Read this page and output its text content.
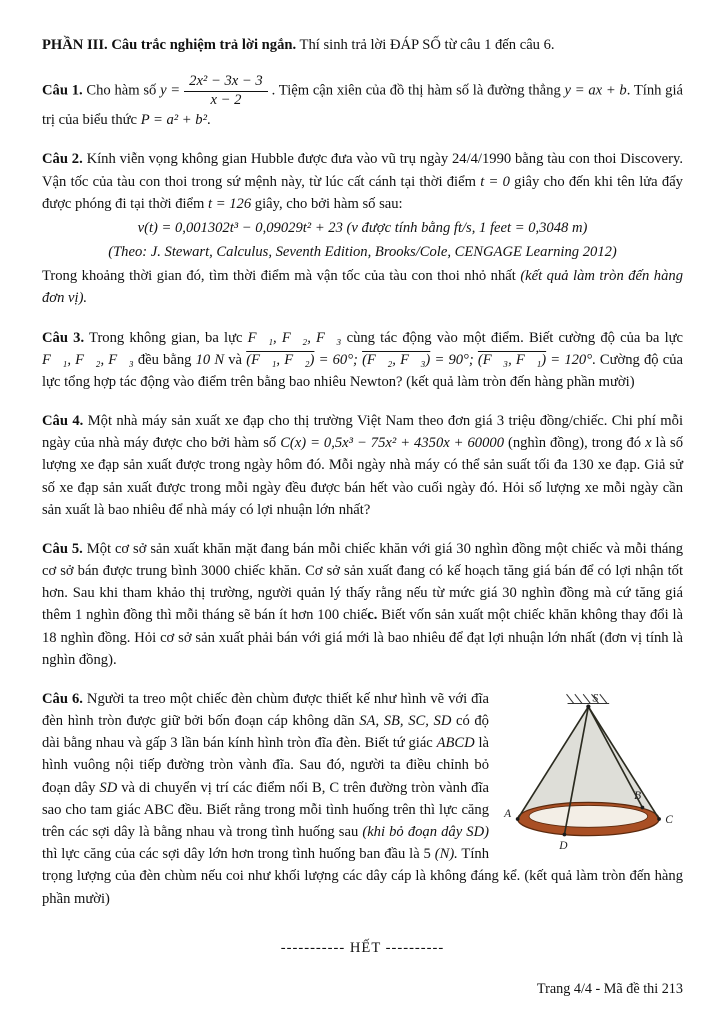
PHẦN III. Câu trắc nghiệm trả lời ngắn. Thí sinh trả lời ĐÁP SỐ từ câu 1 đến câu 6.
Câu 1. Cho hàm số $y = \frac{\text{2x² − 3x − 3}}{x - 2}$ . Tiệm cận xiên của đồ thị hàm số là đường thẳng y = ax + b. Tính giá trị của biểu thức P = a² + b².
Câu 2. Kính viễn vọng không gian Hubble được đưa vào vũ trụ ngày 24/4/1990 bằng tàu con thoi Discovery. Vận tốc của tàu con thoi trong sứ mệnh này, từ lúc cất cánh tại thời điểm t = 0 giây cho đến khi tên lửa đẩy được phóng đi tại thời điểm t = 126 giây, cho bởi hàm số sau:
v(t) = 0,001302t³ − 0,09029t² + 23 (v được tính bằng ft/s, 1 feet = 0,3048 m)
(Theo: J. Stewart, Calculus, Seventh Edition, Brooks/Cole, CENGAGE Learning 2012)
Trong khoảng thời gian đó, tìm thời điểm mà vận tốc của tàu con thoi nhỏ nhất (kết quả làm tròn đến hàng đơn vị).
Câu 3. Trong không gian, ba lực F⃗₁, F⃗₂, F⃗₃ cùng tác động vào một điểm. Biết cường độ của ba lực F⃗₁, F⃗₂, F⃗₃ đều bằng 10 N và (F⃗₁, F⃗₂) = 60°; (F⃗₂, F⃗₃) = 90°; (F⃗₃, F⃗₁) = 120°. Cường độ của lực tổng hợp tác động vào điểm trên bằng bao nhiêu Newton? (kết quả làm tròn đến hàng phần mười)
Câu 4. Một nhà máy sản xuất xe đạp cho thị trường Việt Nam theo đơn giá 3 triệu đồng/chiếc. Chi phí mỗi ngày của nhà máy được cho bởi hàm số C(x) = 0,5x³ − 75x² + 4350x + 60000 (nghìn đồng), trong đó x là số lượng xe đạp sản xuất được trong ngày hôm đó. Mỗi ngày nhà máy có thể sản suất tối đa 130 xe đạp. Giả sử số xe đạp sản xuất được trong mỗi ngày đều được bán hết vào cuối ngày đó. Hỏi số lượng xe mỗi ngày cần sản xuất là bao nhiêu để nhà máy có lợi nhuận lớn nhất?
Câu 5. Một cơ sở sản xuất khăn mặt đang bán mỗi chiếc khăn với giá 30 nghìn đồng một chiếc và mỗi tháng cơ sở bán được trung bình 3000 chiếc khăn. Cơ sở sản xuất đang có kế hoạch tăng giá bán để có lợi nhận tốt hơn. Sau khi tham khảo thị trường, người quản lý thấy rằng nếu từ mức giá 30 nghìn đồng mà cứ tăng giá thêm 1 nghìn đồng thì mỗi tháng sẽ bán ít hơn 100 chiếc. Biết vốn sản xuất một chiếc khăn không thay đổi là 18 nghìn đồng. Hỏi cơ sở sản xuất phải bán với giá mới là bao nhiêu để đạt lợi nhuận lớn nhất (đơn vị tính là nghìn đồng).
S
A
B
C
D
Câu 6. Người ta treo một chiếc đèn chùm được thiết kế như hình vẽ với đĩa đèn hình tròn được giữ bởi bốn đoạn cáp không dãn SA, SB, SC, SD có độ dài bằng nhau và gấp 3 lần bán kính hình tròn đĩa đèn. Biết tứ giác ABCD là hình vuông nội tiếp đường tròn vành đĩa. Sau đó, người ta điều chỉnh bỏ đoạn dây SD và di chuyển vị trí các điểm nối B, C trên đường tròn vành đĩa sao cho tam giác ABC đều. Biết rằng trong mỗi tình huống trên thì lực căng trên các sợi dây là bằng nhau và trong tình huống sau (khi bỏ đoạn dây SD) thì lực căng của các sợi dây lớn hơn trong tình huống ban đầu là 5 (N). Tính trọng lượng của đèn chùm nếu coi như khối lượng các dây cáp là không đáng kể. (kết quả làm tròn đến hàng phần mười)
----------- HẾT ----------
Trang 4/4 - Mã đề thi 213
